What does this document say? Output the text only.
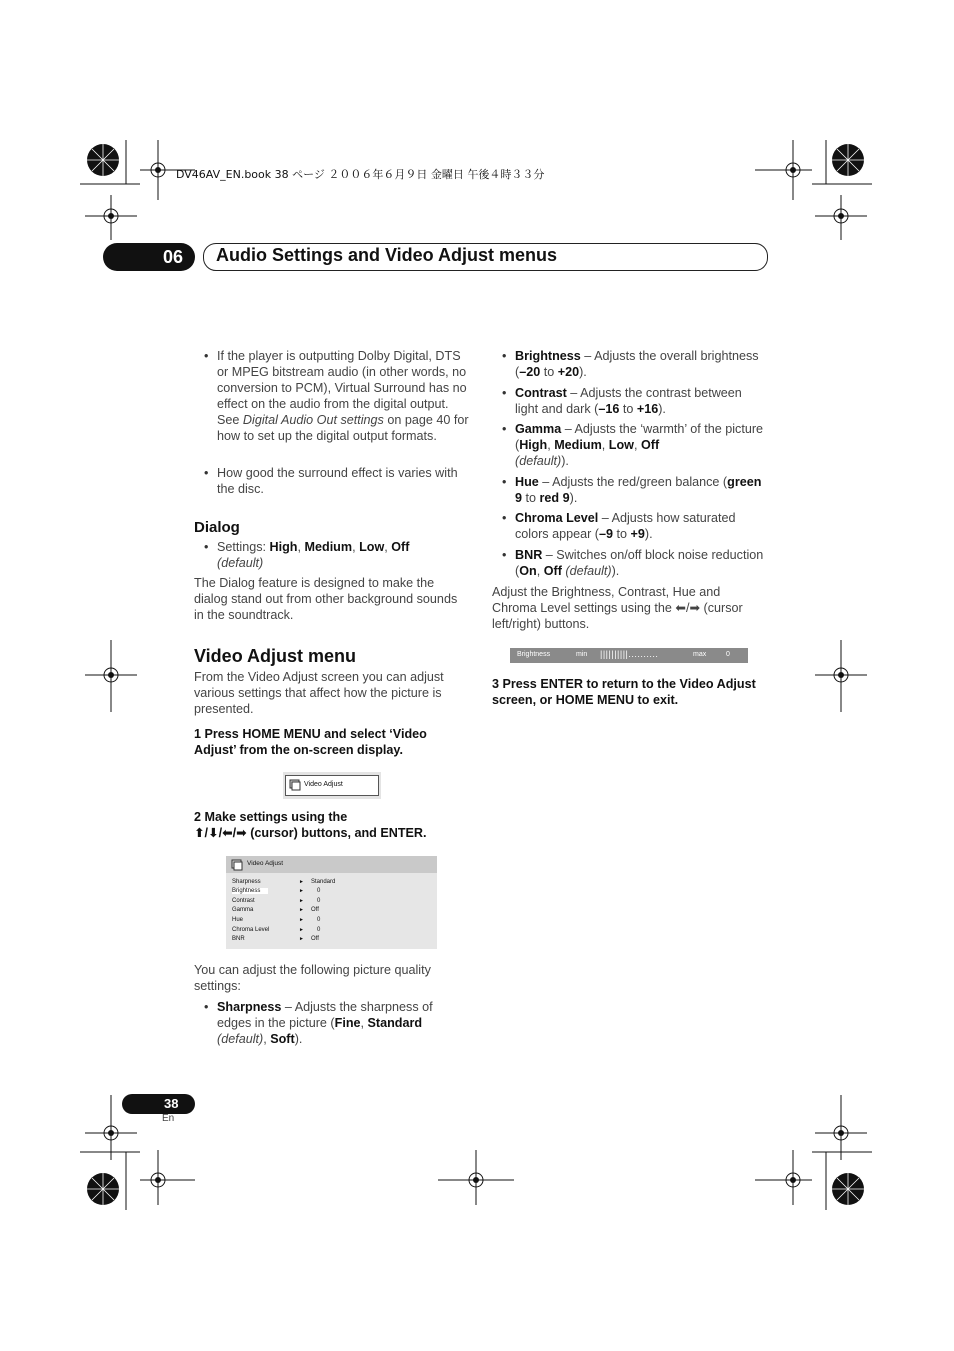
DV46AV_EN.book 38 ページ ２００６年６月９日 金曜日 午後４時３３分
06	Audio Settings and Video Adjust menus
• If the player is outputting Dolby Digital, DTS or MPEG bitstream audio (in other words, no conversion to PCM), Virtual Surround has no effect on the audio from the digital output. See Digital Audio Out settings on page 40 for how to set up the digital output formats.
• How good the surround effect is varies with the disc.
Dialog
• Settings: High, Medium, Low, Off
(default)
The Dialog feature is designed to make the dialog stand out from other background sounds in the soundtrack.
Video Adjust menu
From the Video Adjust screen you can adjust various settings that affect how the picture is presented.
1 Press HOME MENU and select ‘Video Adjust’ from the on-screen display.
Video Adjust
2 Make settings using the
⬆/⬇/⬅/➡ (cursor) buttons, and ENTER.
Video Adjust
Sharpness	► Standard
Brightness	► 0
Contrast	► 0
Gamma	► Off
Hue	► 0
Chroma Level	► 0
BNR	► Off
You can adjust the following picture quality settings:
• Sharpness – Adjusts the sharpness of edges in the picture (Fine, Standard
(default), Soft).
• Brightness – Adjusts the overall brightness (–20 to +20).
• Contrast – Adjusts the contrast between light and dark (–16 to +16).
• Gamma – Adjusts the ‘warmth’ of the picture (High, Medium, Low, Off
(default)).
• Hue – Adjusts the red/green balance (green 9 to red 9).
• Chroma Level – Adjusts how saturated colors appear (–9 to +9).
• BNR – Switches on/off block noise reduction (On, Off (default)).
Adjust the Brightness, Contrast, Hue and Chroma Level settings using the ⬅/➡ (cursor left/right) buttons.
Brightness	min ||||||||||..........	max	0
3 Press ENTER to return to the Video Adjust screen, or HOME MENU to exit.
38
En
